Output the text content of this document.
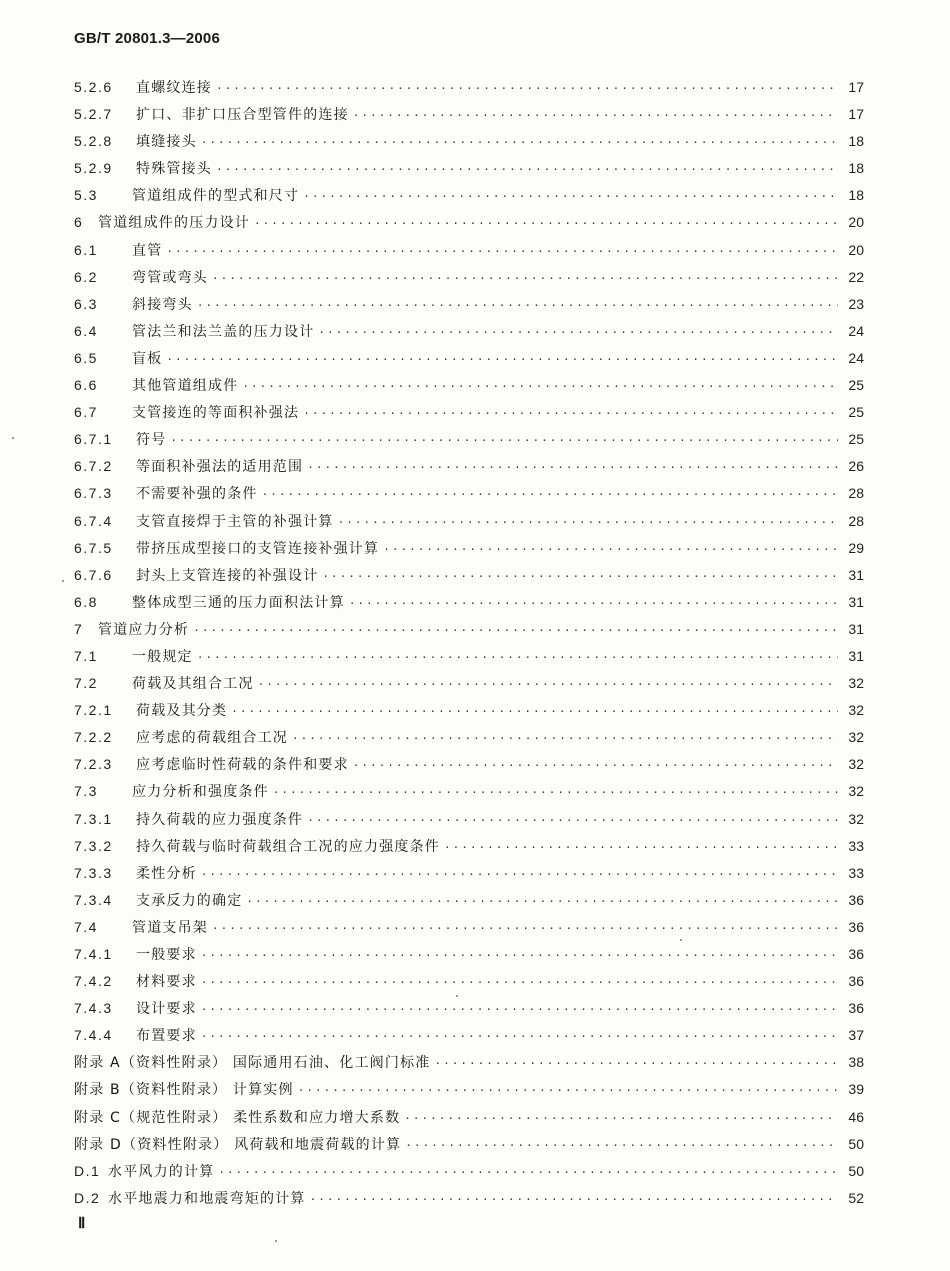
GB/T 20801.3—2006
5.2.6	直螺纹连接 ·····	17
5.2.7	扩口、非扩口压合型管件的连接 ·····	17
5.2.8	填缝接头 ·····	18
5.2.9	特殊管接头 ·····	18
5.3	管道组成件的型式和尺寸 ·····	18
6	管道组成件的压力设计 ·····	20
6.1	直管 ·····	20
6.2	弯管或弯头 ·····	22
6.3	斜接弯头 ·····	23
6.4	管法兰和法兰盖的压力设计 ·····	24
6.5	盲板 ·····	24
6.6	其他管道组成件 ·····	25
6.7	支管接连的等面积补强法 ·····	25
6.7.1	符号 ·····	25
6.7.2	等面积补强法的适用范围 ·····	26
6.7.3	不需要补强的条件 ·····	28
6.7.4	支管直接焊于主管的补强计算 ·····	28
6.7.5	带挤压成型接口的支管连接补强计算 ·····	29
6.7.6	封头上支管连接的补强设计 ·····	31
6.8	整体成型三通的压力面积法计算 ·····	31
7	管道应力分析 ·····	31
7.1	一般规定 ·····	31
7.2	荷载及其组合工况 ·····	32
7.2.1	荷载及其分类 ·····	32
7.2.2	应考虑的荷载组合工况 ·····	32
7.2.3	应考虑临时性荷载的条件和要求 ·····	32
7.3	应力分析和强度条件 ·····	32
7.3.1	持久荷载的应力强度条件 ·····	32
7.3.2	持久荷载与临时荷载组合工况的应力强度条件 ·····	33
7.3.3	柔性分析 ·····	33
7.3.4	支承反力的确定 ·····	36
7.4	管道支吊架 ·····	36
7.4.1	一般要求 ·····	36
7.4.2	材料要求 ·····	36
7.4.3	设计要求 ·····	36
7.4.4	布置要求 ·····	37
附录 A（资料性附录） 国际通用石油、化工阀门标准 ·····	38
附录 B（资料性附录） 计算实例 ·····	39
附录 C（规范性附录） 柔性系数和应力增大系数 ·····	46
附录 D（资料性附录） 风荷载和地震荷载的计算 ·····	50
D.1 水平风力的计算 ·····	50
D.2 水平地震力和地震弯矩的计算 ·····	52
Ⅱ
